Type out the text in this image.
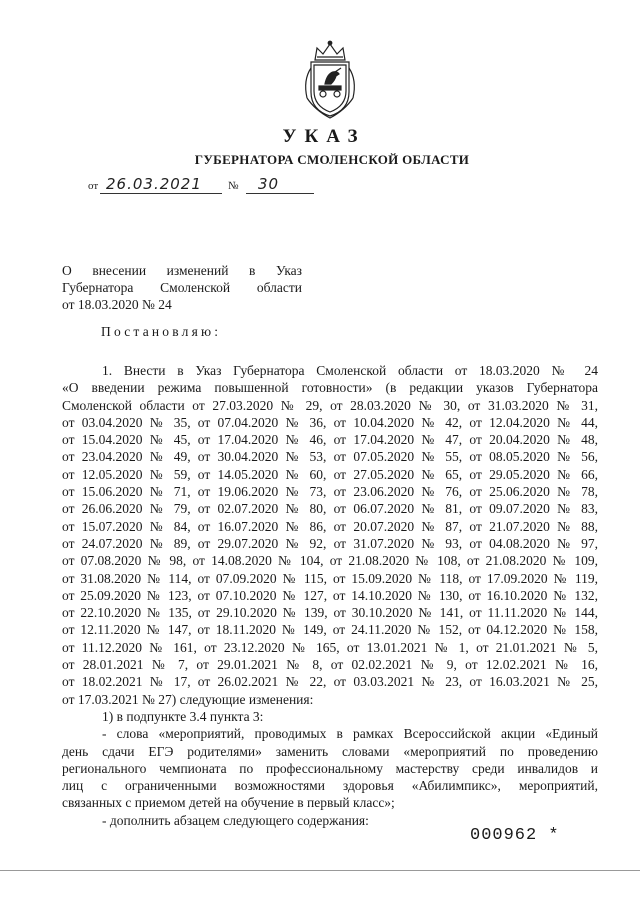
УКАЗ
ГУБЕРНАТОРА СМОЛЕНСКОЙ ОБЛАСТИ
от 26.03.2021 № 30
О внесении изменений в Указ
Губернатора Смоленской области
от 18.03.2020 № 24
Постановляю:
1. Внести в Указ Губернатора Смоленской области от 18.03.2020 № 24
«О введении режима повышенной готовности» (в редакции указов Губернатора
Смоленской области от 27.03.2020 № 29, от 28.03.2020 № 30, от 31.03.2020 № 31,
от 03.04.2020 № 35, от 07.04.2020 № 36, от 10.04.2020 № 42, от 12.04.2020 № 44,
от 15.04.2020 № 45, от 17.04.2020 № 46, от 17.04.2020 № 47, от 20.04.2020 № 48,
от 23.04.2020 № 49, от 30.04.2020 № 53, от 07.05.2020 № 55, от 08.05.2020 № 56,
от 12.05.2020 № 59, от 14.05.2020 № 60, от 27.05.2020 № 65, от 29.05.2020 № 66,
от 15.06.2020 № 71, от 19.06.2020 № 73, от 23.06.2020 № 76, от 25.06.2020 № 78,
от 26.06.2020 № 79, от 02.07.2020 № 80, от 06.07.2020 № 81, от 09.07.2020 № 83,
от 15.07.2020 № 84, от 16.07.2020 № 86, от 20.07.2020 № 87, от 21.07.2020 № 88,
от 24.07.2020 № 89, от 29.07.2020 № 92, от 31.07.2020 № 93, от 04.08.2020 № 97,
от 07.08.2020 № 98, от 14.08.2020 № 104, от 21.08.2020 № 108, от 21.08.2020 № 109,
от 31.08.2020 № 114, от 07.09.2020 № 115, от 15.09.2020 № 118, от 17.09.2020 № 119,
от 25.09.2020 № 123, от 07.10.2020 № 127, от 14.10.2020 № 130, от 16.10.2020 № 132,
от 22.10.2020 № 135, от 29.10.2020 № 139, от 30.10.2020 № 141, от 11.11.2020 № 144,
от 12.11.2020 № 147, от 18.11.2020 № 149, от 24.11.2020 № 152, от 04.12.2020 № 158,
от 11.12.2020 № 161, от 23.12.2020 № 165, от 13.01.2021 № 1, от 21.01.2021 № 5,
от 28.01.2021 № 7, от 29.01.2021 № 8, от 02.02.2021 № 9, от 12.02.2021 № 16,
от 18.02.2021 № 17, от 26.02.2021 № 22, от 03.03.2021 № 23, от 16.03.2021 № 25,
от 17.03.2021 № 27) следующие изменения:
1) в подпункте 3.4 пункта 3:
- слова «мероприятий, проводимых в рамках Всероссийской акции «Единый
день сдачи ЕГЭ родителями» заменить словами «мероприятий по проведению
регионального чемпионата по профессиональному мастерству среди инвалидов и
лиц с ограниченными возможностями здоровья «Абилимпикс», мероприятий,
связанных с приемом детей на обучение в первый класс»;
- дополнить абзацем следующего содержания:
000962 *
